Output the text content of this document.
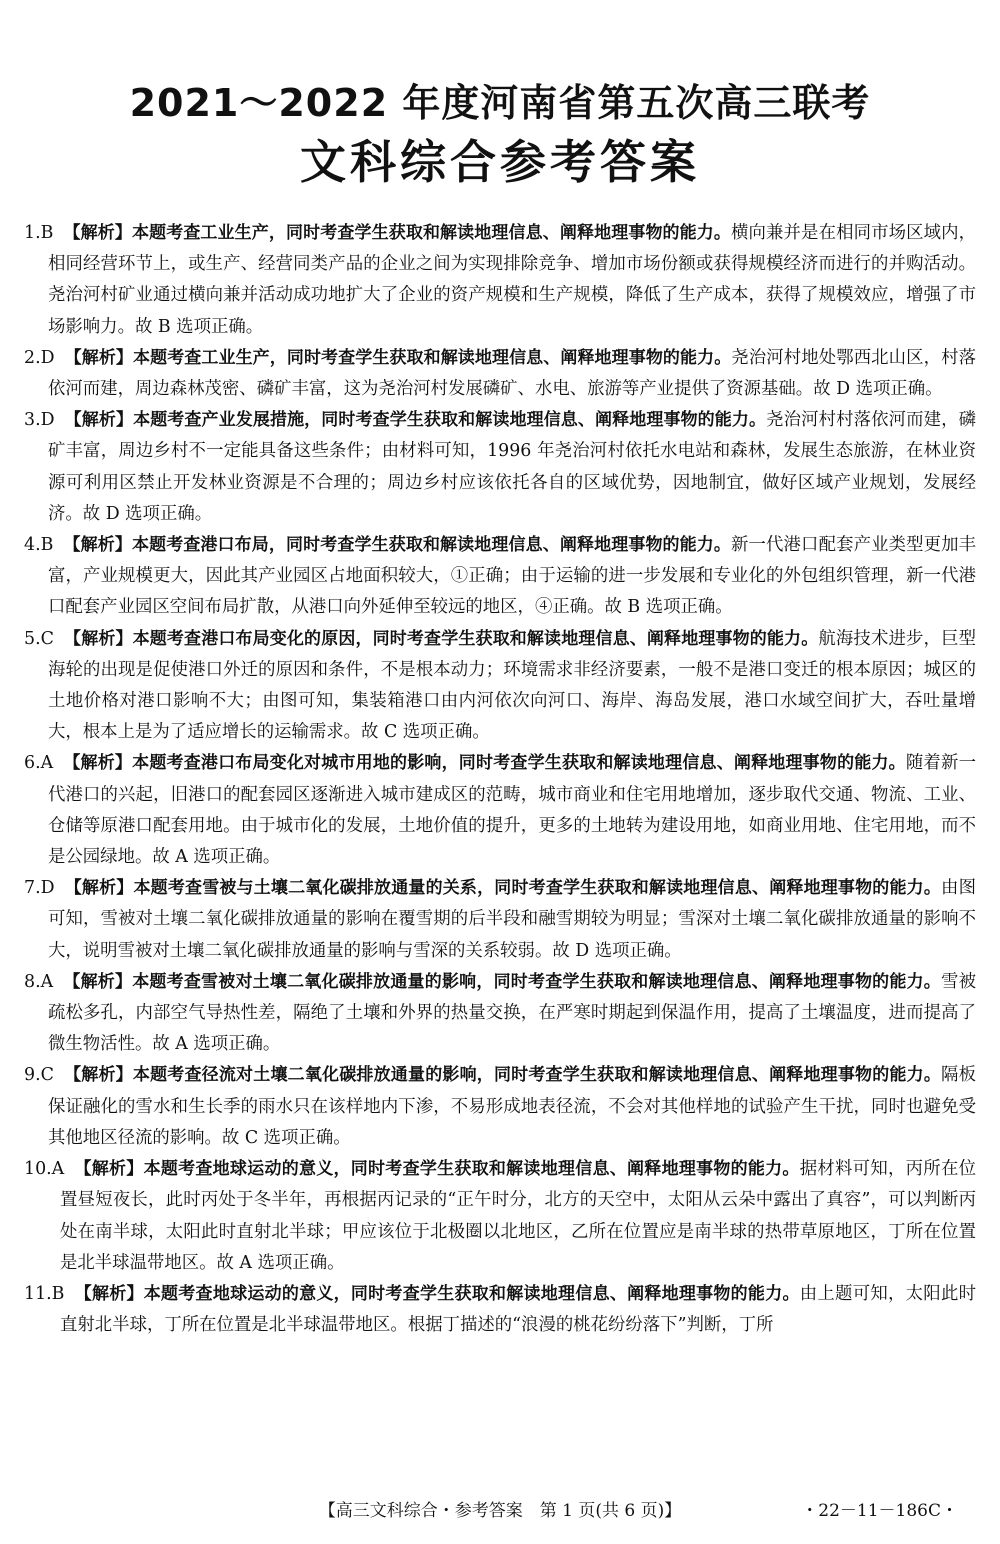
2021～2022 年度河南省第五次高三联考
文科综合参考答案

1.B 【解析】本题考查工业生产，同时考查学生获取和解读地理信息、阐释地理事物的能力。横向兼并是在相同市场区域内，相同经营环节上，或生产、经营同类产品的企业之间为实现排除竞争、增加市场份额或获得规模经济而进行的并购活动。尧治河村矿业通过横向兼并活动成功地扩大了企业的资产规模和生产规模，降低了生产成本，获得了规模效应，增强了市场影响力。故 B 选项正确。

2.D 【解析】本题考查工业生产，同时考查学生获取和解读地理信息、阐释地理事物的能力。尧治河村地处鄂西北山区，村落依河而建，周边森林茂密、磷矿丰富，这为尧治河村发展磷矿、水电、旅游等产业提供了资源基础。故 D 选项正确。

3.D 【解析】本题考查产业发展措施，同时考查学生获取和解读地理信息、阐释地理事物的能力。尧治河村村落依河而建，磷矿丰富，周边乡村不一定能具备这些条件；由材料可知，1996 年尧治河村依托水电站和森林，发展生态旅游，在林业资源可利用区禁止开发林业资源是不合理的；周边乡村应该依托各自的区域优势，因地制宜，做好区域产业规划，发展经济。故 D 选项正确。

4.B 【解析】本题考查港口布局，同时考查学生获取和解读地理信息、阐释地理事物的能力。新一代港口配套产业类型更加丰富，产业规模更大，因此其产业园区占地面积较大，①正确；由于运输的进一步发展和专业化的外包组织管理，新一代港口配套产业园区空间布局扩散，从港口向外延伸至较远的地区，④正确。故 B 选项正确。

5.C 【解析】本题考查港口布局变化的原因，同时考查学生获取和解读地理信息、阐释地理事物的能力。航海技术进步，巨型海轮的出现是促使港口外迁的原因和条件，不是根本动力；环境需求非经济要素，一般不是港口变迁的根本原因；城区的土地价格对港口影响不大；由图可知，集装箱港口由内河依次向河口、海岸、海岛发展，港口水域空间扩大，吞吐量增大，根本上是为了适应增长的运输需求。故 C 选项正确。

6.A 【解析】本题考查港口布局变化对城市用地的影响，同时考查学生获取和解读地理信息、阐释地理事物的能力。随着新一代港口的兴起，旧港口的配套园区逐渐进入城市建成区的范畴，城市商业和住宅用地增加，逐步取代交通、物流、工业、仓储等原港口配套用地。由于城市化的发展，土地价值的提升，更多的土地转为建设用地，如商业用地、住宅用地，而不是公园绿地。故 A 选项正确。

7.D 【解析】本题考查雪被与土壤二氧化碳排放通量的关系，同时考查学生获取和解读地理信息、阐释地理事物的能力。由图可知，雪被对土壤二氧化碳排放通量的影响在覆雪期的后半段和融雪期较为明显；雪深对土壤二氧化碳排放通量的影响不大，说明雪被对土壤二氧化碳排放通量的影响与雪深的关系较弱。故 D 选项正确。

8.A 【解析】本题考查雪被对土壤二氧化碳排放通量的影响，同时考查学生获取和解读地理信息、阐释地理事物的能力。雪被疏松多孔，内部空气导热性差，隔绝了土壤和外界的热量交换，在严寒时期起到保温作用，提高了土壤温度，进而提高了微生物活性。故 A 选项正确。

9.C 【解析】本题考查径流对土壤二氧化碳排放通量的影响，同时考查学生获取和解读地理信息、阐释地理事物的能力。隔板保证融化的雪水和生长季的雨水只在该样地内下渗，不易形成地表径流，不会对其他样地的试验产生干扰，同时也避免受其他地区径流的影响。故 C 选项正确。

10.A 【解析】本题考查地球运动的意义，同时考查学生获取和解读地理信息、阐释地理事物的能力。据材料可知，丙所在位置昼短夜长，此时丙处于冬半年，再根据丙记录的“正午时分，北方的天空中，太阳从云朵中露出了真容”，可以判断丙处在南半球，太阳此时直射北半球；甲应该位于北极圈以北地区，乙所在位置应是南半球的热带草原地区，丁所在位置是北半球温带地区。故 A 选项正确。

11.B 【解析】本题考查地球运动的意义，同时考查学生获取和解读地理信息、阐释地理事物的能力。由上题可知，太阳此时直射北半球，丁所在位置是北半球温带地区。根据丁描述的“浪漫的桃花纷纷落下”判断，丁所

【高三文科综合・参考答案　第 1 页(共 6 页)】	・22－11－186C・
